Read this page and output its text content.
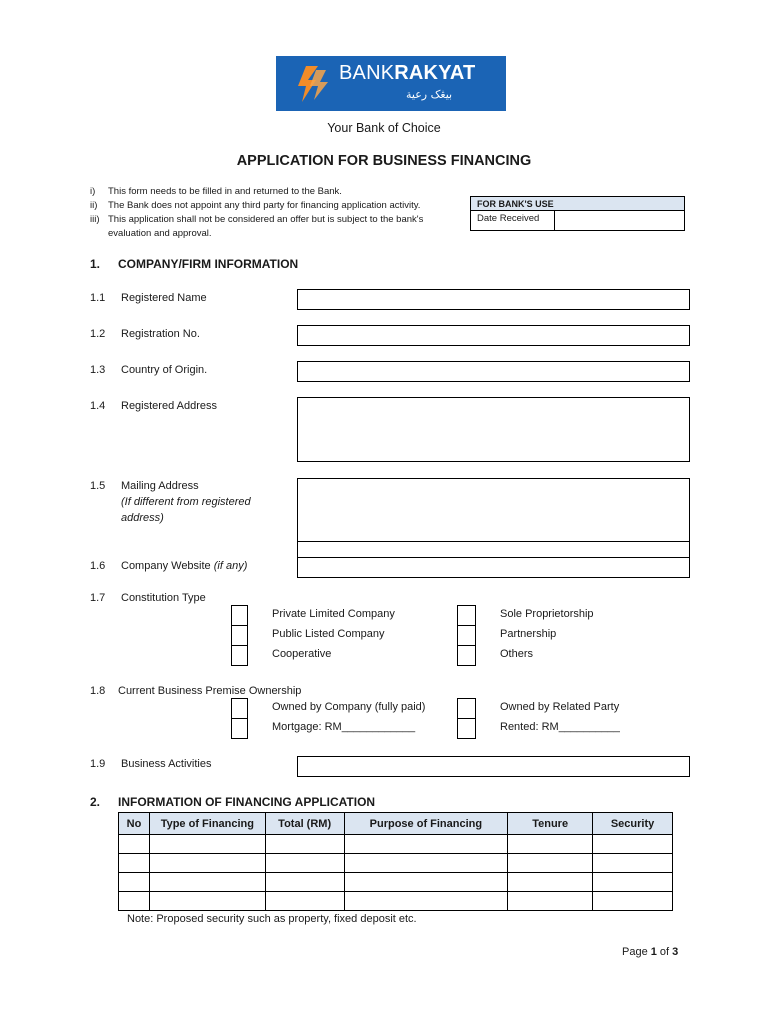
BANKRAKYAT
بيڠک رعية
Your Bank of Choice
APPLICATION FOR BUSINESS FINANCING
i) This form needs to be filled in and returned to the Bank.
ii) The Bank does not appoint any third party for financing application activity.
iii) This application shall not be considered an offer but is subject to the bank's
evaluation and approval.
FOR BANK'S USE
Date Received
1. COMPANY/FIRM INFORMATION
1.1 Registered Name
1.2 Registration No.
1.3 Country of Origin.
1.4 Registered Address
1.5 Mailing Address
(If different from registered
address)
1.6 Company Website (if any)
1.7 Constitution Type
Private Limited Company
Public Listed Company
Cooperative
Sole Proprietorship
Partnership
Others
1.8 Current Business Premise Ownership
Owned by Company (fully paid)
Mortgage: RM____________
Owned by Related Party
Rented: RM__________
1.9 Business Activities
2. INFORMATION OF FINANCING APPLICATION
No	Type of Financing	Total (RM)	Purpose of Financing	Tenure	Security

Note: Proposed security such as property, fixed deposit etc.
Page 1 of 3
